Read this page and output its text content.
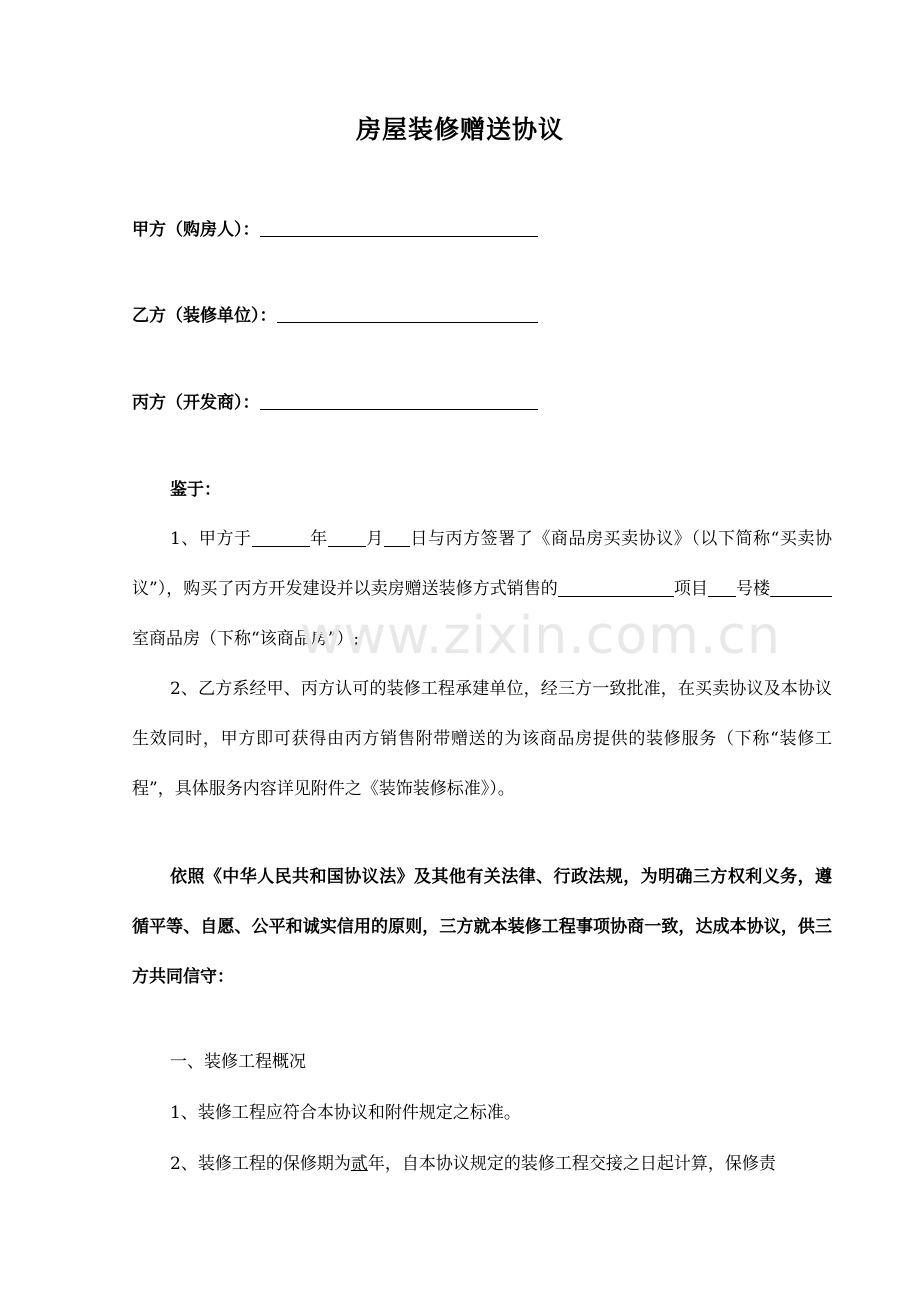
房屋装修赠送协议
甲方（购房人）：
乙方（装修单位）：
丙方（开发商）：
鉴于：
1、甲方于	年 月 日与丙方签署了《商品房买卖协议》（以下简称“买卖协议”），购买了丙方开发建设并以卖房赠送装修方式销售的	项目 号楼室商品房（下称“该商品房”）;
2、乙方系经甲、丙方认可的装修工程承建单位，经三方一致批准，在买卖协议及本协议生效同时，甲方即可获得由丙方销售附带赠送的为该商品房提供的装修服务（下称“装修工程”，具体服务内容详见附件之《装饰装修标准》）。
依照《中华人民共和国协议法》及其他有关法律、行政法规，为明确三方权利义务，遵循平等、自愿、公平和诚实信用的原则，三方就本装修工程事项协商一致，达成本协议，供三方共同信守：
一、装修工程概况
1、装修工程应符合本协议和附件规定之标准。
2、装修工程的保修期为贰年，自本协议规定的装修工程交接之日起计算，保修责
www.zixin.com.cn
